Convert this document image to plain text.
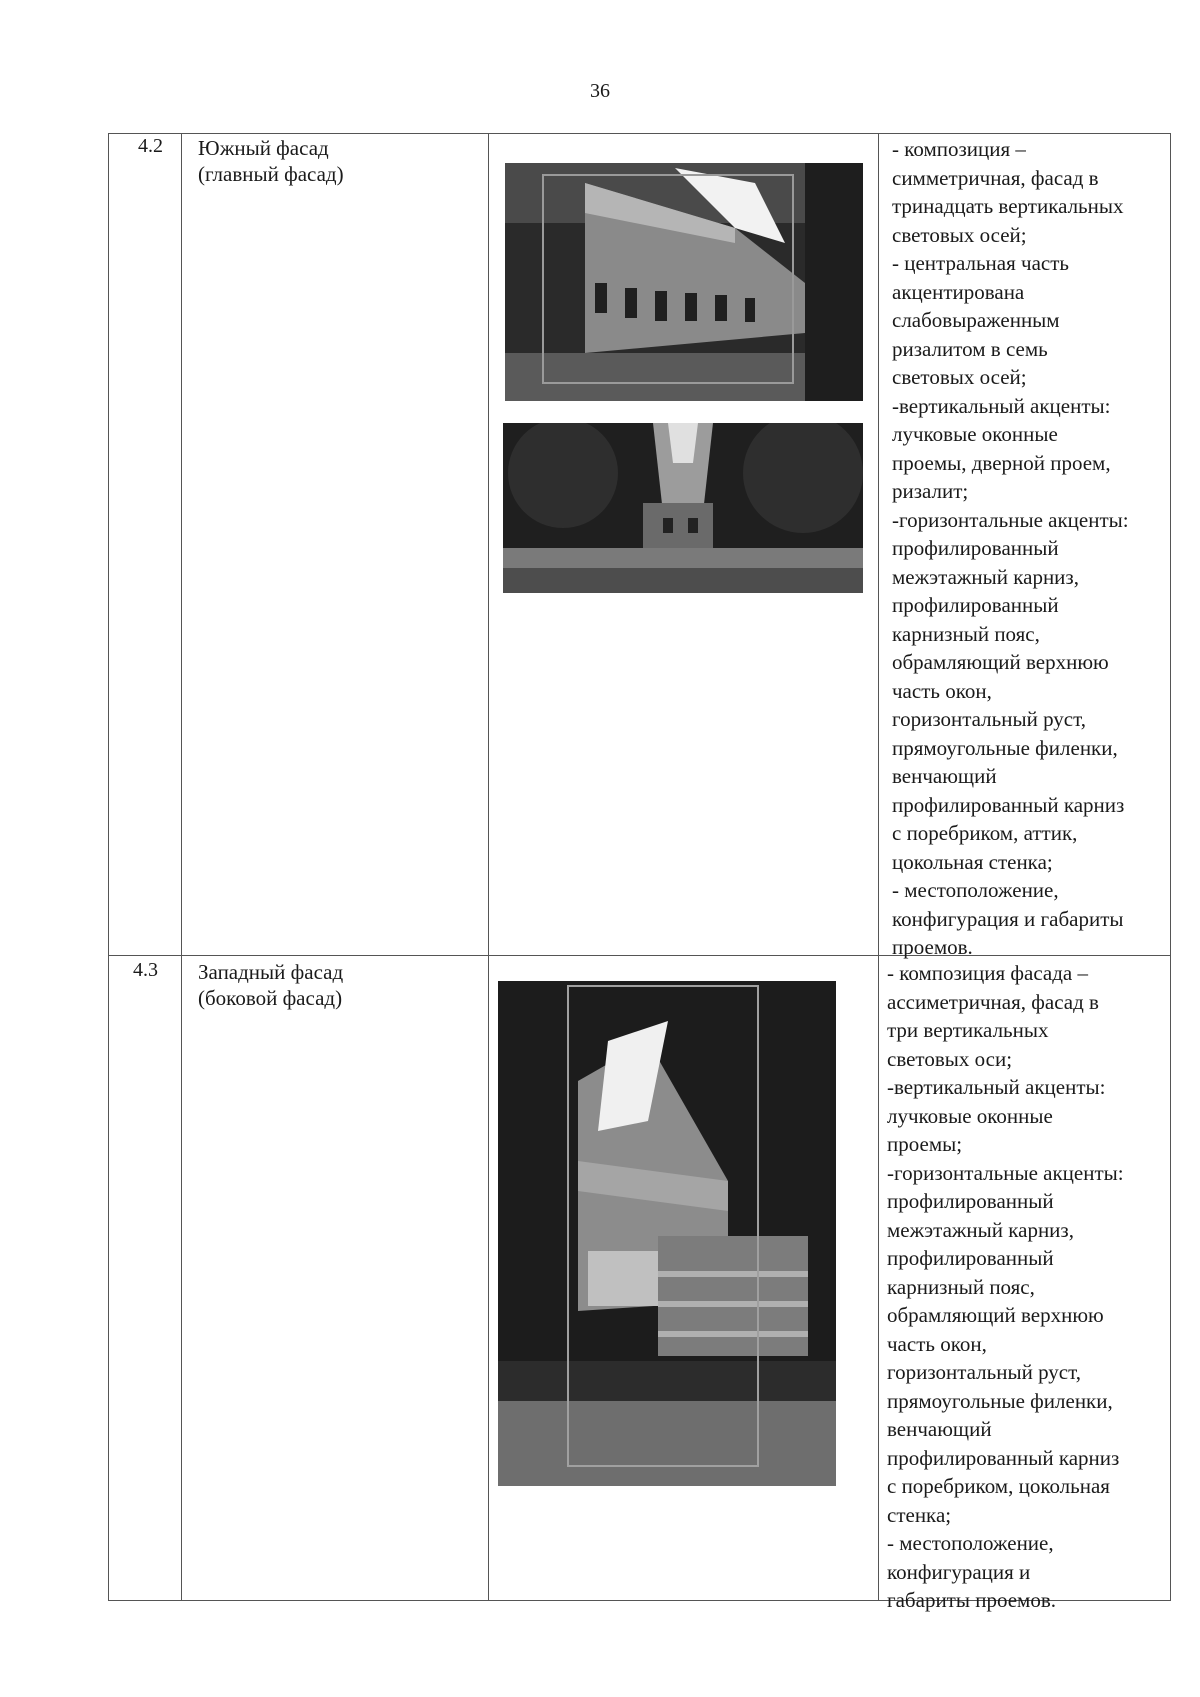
36
4.2 Южный фасад
(главный фасад)
- композиция –
симметричная, фасад в
тринадцать вертикальных
световых осей;
- центральная часть
акцентирована
слабовыраженным
ризалитом в семь
световых осей;
-вертикальный акценты:
лучковые оконные
проемы, дверной проем,
ризалит;
-горизонтальные акценты:
профилированный
межэтажный карниз,
профилированный
карнизный пояс,
обрамляющий верхнюю
часть окон,
горизонтальный руст,
прямоугольные филенки,
венчающий
профилированный карниз
с поребриком, аттик,
цокольная стенка;
- местоположение,
конфигурация и габариты
проемов.
4.3 Западный фасад
(боковой фасад)
- композиция фасада –
ассиметричная, фасад в
три вертикальных
световых оси;
-вертикальный акценты:
лучковые оконные
проемы;
-горизонтальные акценты:
профилированный
межэтажный карниз,
профилированный
карнизный пояс,
обрамляющий верхнюю
часть окон,
горизонтальный руст,
прямоугольные филенки,
венчающий
профилированный карниз
с поребриком, цокольная
стенка;
- местоположение,
конфигурация и
габариты проемов.
